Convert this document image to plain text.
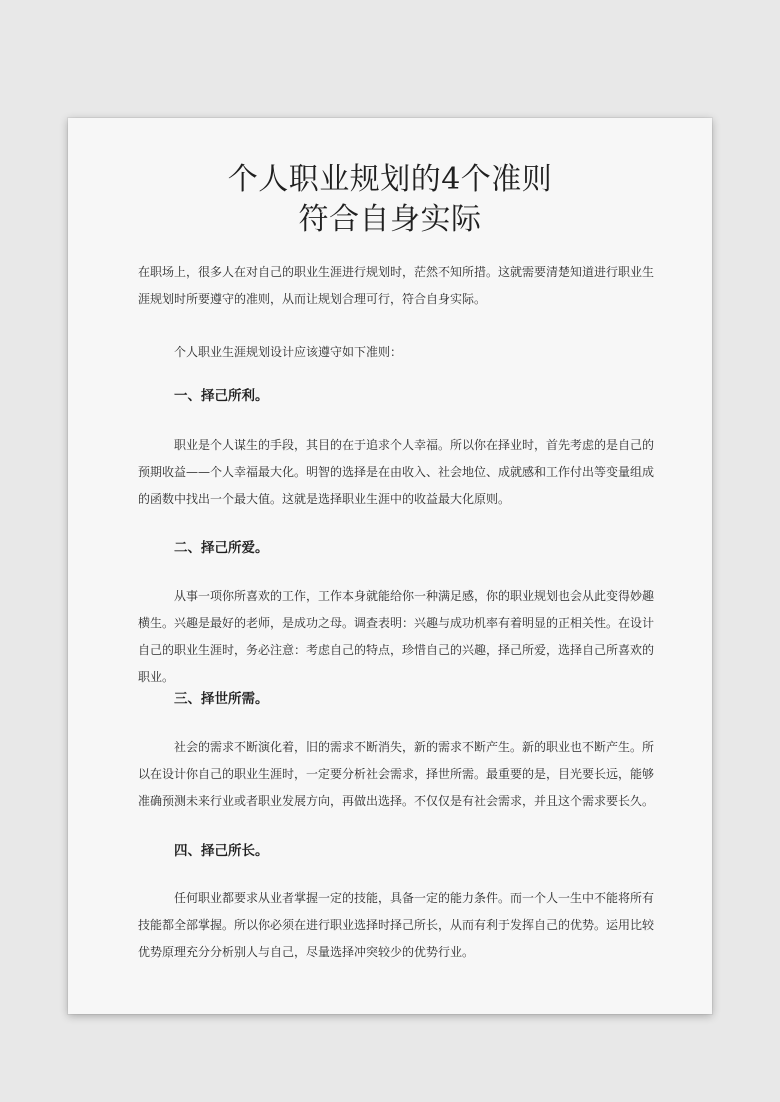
个人职业规划的4个准则
符合自身实际
在职场上，很多人在对自己的职业生涯进行规划时，茫然不知所措。这就需要清楚知道进行职业生涯规划时所要遵守的准则，从而让规划合理可行，符合自身实际。
个人职业生涯规划设计应该遵守如下准则：
一、择己所利。
职业是个人谋生的手段，其目的在于追求个人幸福。所以你在择业时，首先考虑的是自己的预期收益——个人幸福最大化。明智的选择是在由收入、社会地位、成就感和工作付出等变量组成的函数中找出一个最大值。这就是选择职业生涯中的收益最大化原则。
二、择己所爱。
从事一项你所喜欢的工作，工作本身就能给你一种满足感，你的职业规划也会从此变得妙趣横生。兴趣是最好的老师，是成功之母。调查表明：兴趣与成功机率有着明显的正相关性。在设计自己的职业生涯时，务必注意：考虑自己的特点，珍惜自己的兴趣，择己所爱，选择自己所喜欢的职业。
三、择世所需。
社会的需求不断演化着，旧的需求不断消失，新的需求不断产生。新的职业也不断产生。所以在设计你自己的职业生涯时，一定要分析社会需求，择世所需。最重要的是，目光要长远，能够准确预测未来行业或者职业发展方向，再做出选择。不仅仅是有社会需求，并且这个需求要长久。
四、择己所长。
任何职业都要求从业者掌握一定的技能，具备一定的能力条件。而一个人一生中不能将所有技能都全部掌握。所以你必须在进行职业选择时择己所长，从而有利于发挥自己的优势。运用比较优势原理充分分析别人与自己，尽量选择冲突较少的优势行业。
